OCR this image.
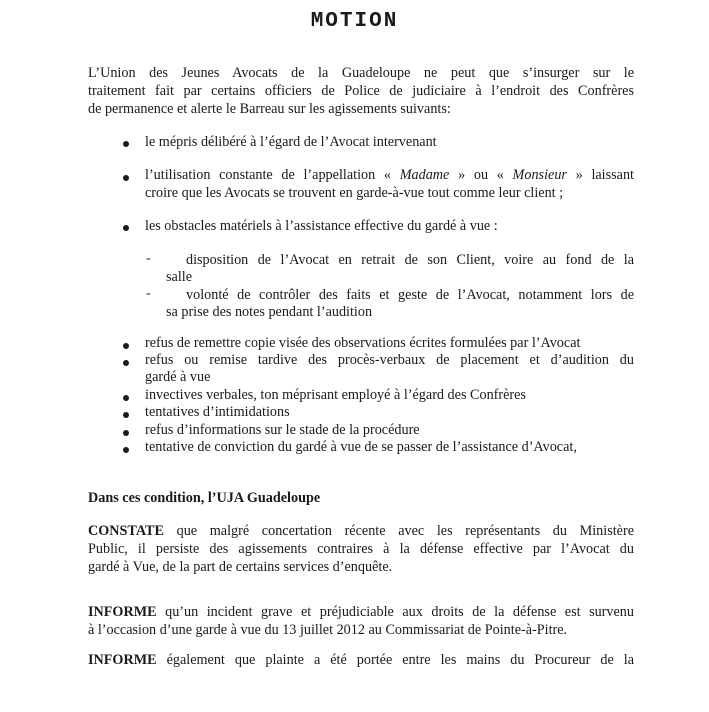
MOTION
L’Union des Jeunes Avocats de la Guadeloupe ne peut que s’insurger sur le
traitement fait par certains officiers de Police de judiciaire à l’endroit des Confrères
de permanence et alerte le Barreau sur les agissements suivants:
le mépris délibéré à l’égard de l’Avocat intervenant
l’utilisation constante de l’appellation « Madame » ou « Monsieur » laissant
croire que les Avocats se trouvent en garde-à-vue tout comme leur client ;
les obstacles matériels à l’assistance effective du gardé à vue :
- disposition de l’Avocat en retrait de son Client, voire au fond de la
salle
- volonté de contrôler des faits et geste de l’Avocat, notamment lors de
sa prise des notes pendant l’audition
refus de remettre copie visée des observations écrites formulées par l’Avocat
refus ou remise tardive des procès-verbaux de placement et d’audition du
gardé à vue
invectives verbales, ton méprisant employé à l’égard des Confrères
tentatives d’intimidations
refus d’informations sur le stade de la procédure
tentative de conviction du gardé à vue de se passer de l’assistance d’Avocat,
Dans ces condition, l’UJA Guadeloupe
CONSTATE que malgré concertation récente avec les représentants du Ministère
Public, il persiste des agissements contraires à la défense effective par l’Avocat du
gardé à Vue, de la part de certains services d’enquête.
INFORME qu’un incident grave et préjudiciable aux droits de la défense est survenu
à l’occasion d’une garde à vue du 13 juillet 2012 au Commissariat de Pointe-à-Pitre.
INFORME également que plainte a été portée entre les mains du Procureur de la
